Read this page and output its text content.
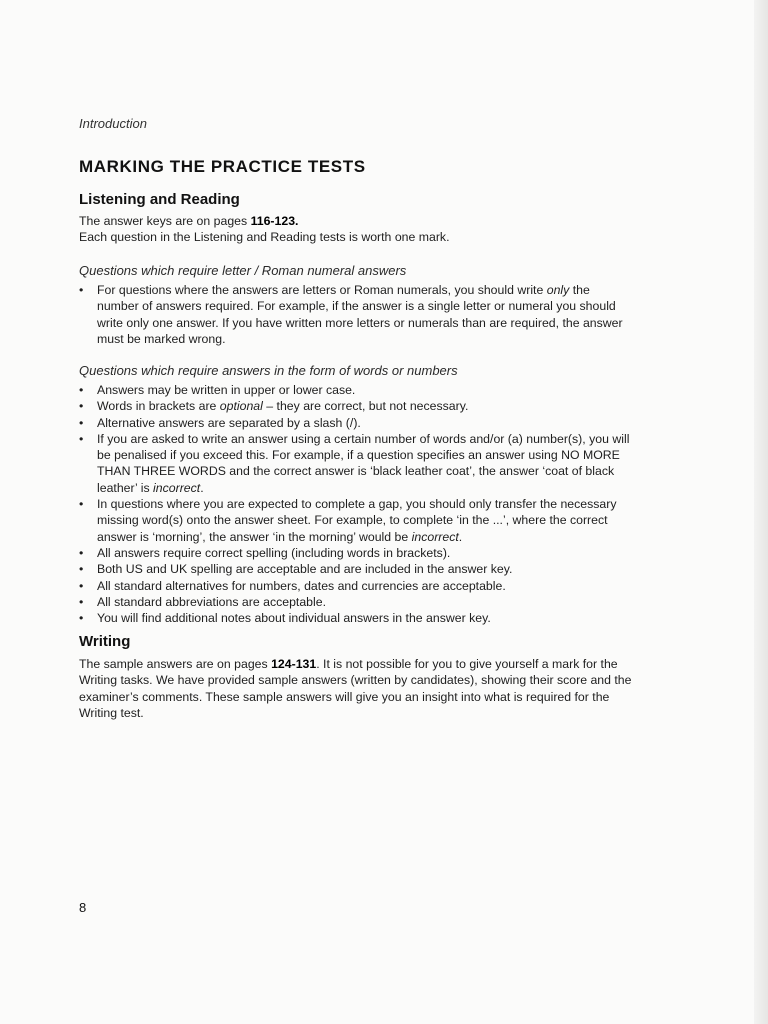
Introduction
MARKING THE PRACTICE TESTS
Listening and Reading

The answer keys are on pages 116-123.

Each question in the Listening and Reading tests is worth one mark.

Questions which require letter / Roman numeral answers
• For questions where the answers are letters or Roman numerals, you should write only the number of answers required. For example, if the answer is a single letter or numeral you should write only one answer. If you have written more letters or numerals than are required, the answer must be marked wrong.
Questions which require answers in the form of words or numbers
• Answers may be written in upper or lower case.
• Words in brackets are optional – they are correct, but not necessary.
• Alternative answers are separated by a slash (/).
• If you are asked to write an answer using a certain number of words and/or (a) number(s), you will be penalised if you exceed this. For example, if a question specifies an answer using NO MORE THAN THREE WORDS and the correct answer is ‘black leather coat’, the answer ‘coat of black leather’ is incorrect.
• In questions where you are expected to complete a gap, you should only transfer the necessary missing word(s) onto the answer sheet. For example, to complete ‘in the ...’, where the correct answer is ‘morning’, the answer ‘in the morning’ would be incorrect.
• All answers require correct spelling (including words in brackets).
• Both US and UK spelling are acceptable and are included in the answer key.
• All standard alternatives for numbers, dates and currencies are acceptable.
• All standard abbreviations are acceptable.
• You will find additional notes about individual answers in the answer key.
Writing

The sample answers are on pages 124-131. It is not possible for you to give yourself a mark for the Writing tasks. We have provided sample answers (written by candidates), showing their score and the examiner’s comments. These sample answers will give you an insight into what is required for the Writing test.

8
